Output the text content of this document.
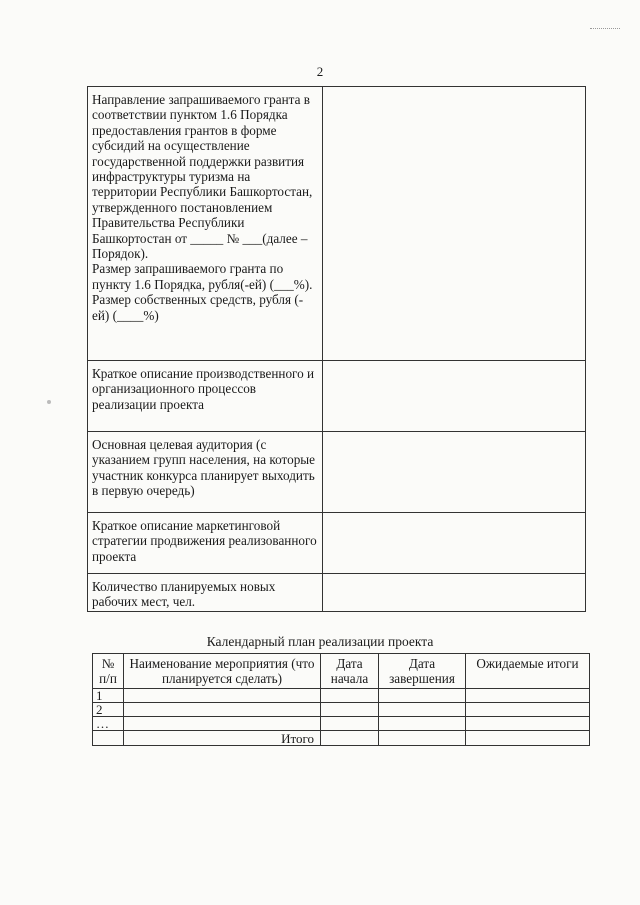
2

Направление запрашиваемого гранта в соответствии пунктом 1.6 Порядка предоставления грантов в форме субсидий на осуществление государственной поддержки развития инфраструктуры туризма на территории Республики Башкортостан, утвержденного постановлением Правительства Республики Башкортостан от _____ № ___(далее – Порядок).

Размер запрашиваемого гранта по пункту 1.6 Порядка, рубля(-ей) (___%).

Размер собственных средств, рубля (-ей) (____%)	

Краткое описание производственного и организационного процессов реализации проекта	

Основная целевая аудитория (с указанием групп населения, на которые участник конкурса планирует выходить в первую очередь)	

Краткое описание маркетинговой стратегии продвижения реализованного проекта	

Количество планируемых новых рабочих мест, чел.	

Календарный план реализации проекта
№ п/п	Наименование мероприятия (что планируется сделать)	Дата начала	Дата завершения	Ожидаемые итоги
1				
2				
…				
	Итого			
